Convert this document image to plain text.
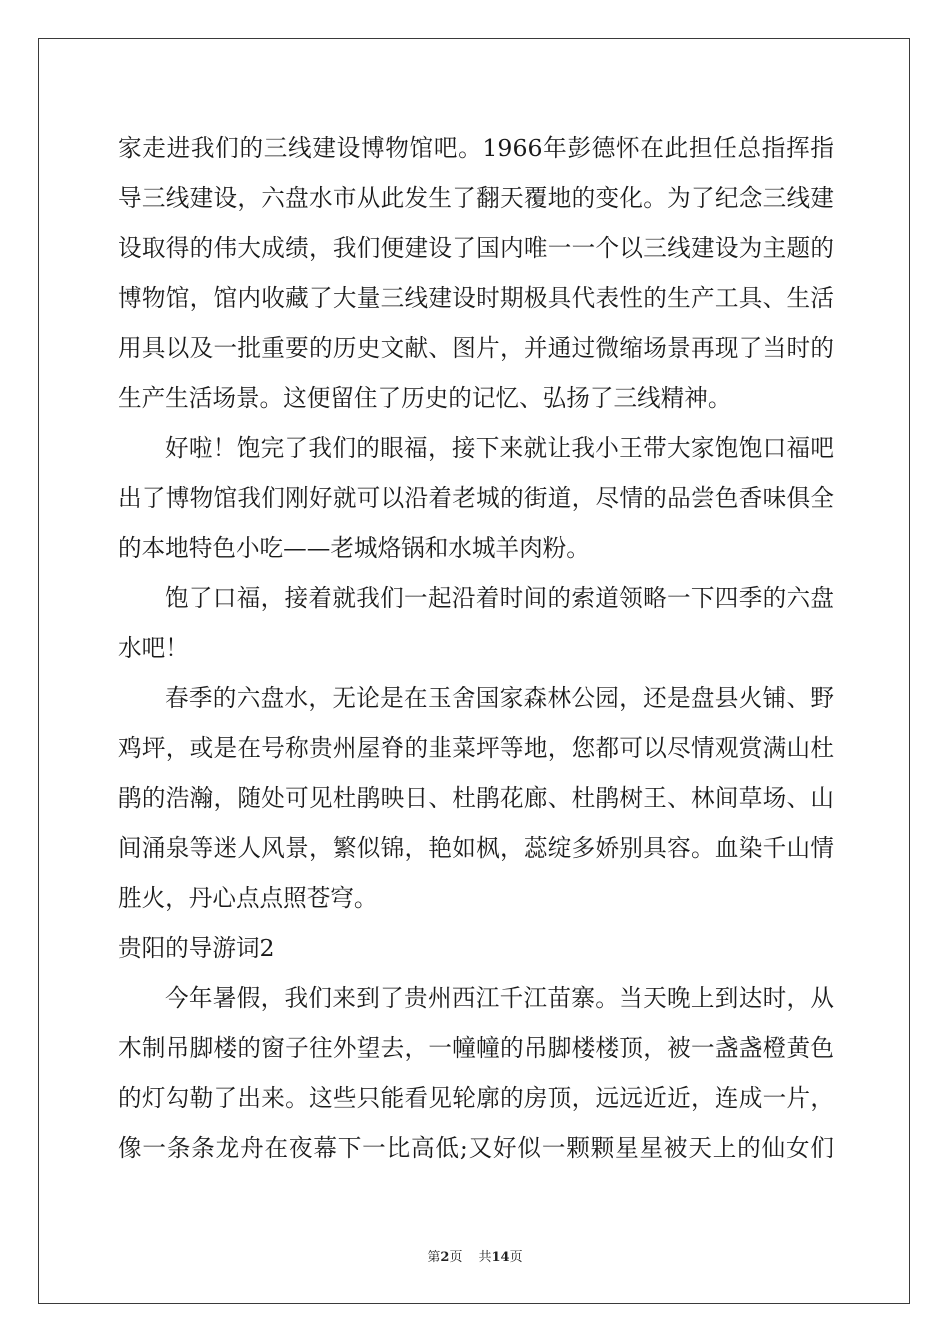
家走进我们的三线建设博物馆吧。1966年彭德怀在此担任总指挥指
导三线建设，六盘水市从此发生了翻天覆地的变化。为了纪念三线建
设取得的伟大成绩，我们便建设了国内唯一一个以三线建设为主题的
博物馆，馆内收藏了大量三线建设时期极具代表性的生产工具、生活
用具以及一批重要的历史文献、图片，并通过微缩场景再现了当时的
生产生活场景。这便留住了历史的记忆、弘扬了三线精神。
好啦！饱完了我们的眼福，接下来就让我小王带大家饱饱口福吧
出了博物馆我们刚好就可以沿着老城的街道，尽情的品尝色香味俱全
的本地特色小吃——老城烙锅和水城羊肉粉。
饱了口福，接着就我们一起沿着时间的索道领略一下四季的六盘
水吧！
春季的六盘水，无论是在玉舍国家森林公园，还是盘县火铺、野
鸡坪，或是在号称贵州屋脊的韭菜坪等地，您都可以尽情观赏满山杜
鹃的浩瀚，随处可见杜鹃映日、杜鹃花廊、杜鹃树王、林间草场、山
间涌泉等迷人风景，繁似锦，艳如枫，蕊绽多娇别具容。血染千山情
胜火，丹心点点照苍穹。
贵阳的导游词2
今年暑假，我们来到了贵州西江千江苗寨。当天晚上到达时，从
木制吊脚楼的窗子往外望去，一幢幢的吊脚楼楼顶，被一盏盏橙黄色
的灯勾勒了出来。这些只能看见轮廓的房顶，远远近近，连成一片，
像一条条龙舟在夜幕下一比高低;又好似一颗颗星星被天上的仙女们
第2页 共14页
